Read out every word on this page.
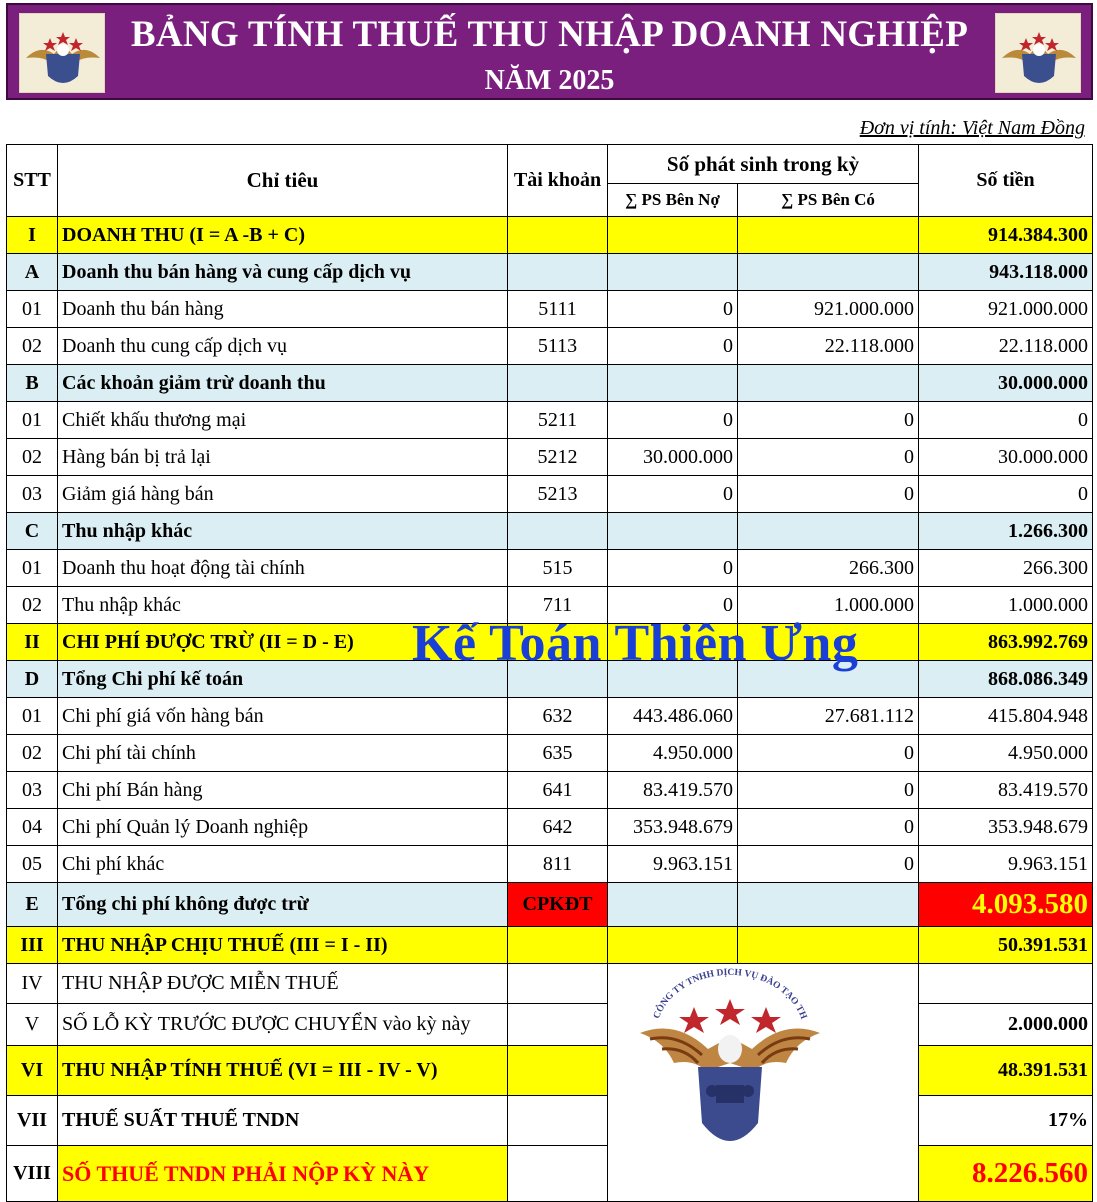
BẢNG TÍNH THUẾ THU NHẬP DOANH NGHIỆP
NĂM 2025
Đơn vị tính: Việt Nam Đồng
STT	Chỉ tiêu	Tài khoản	Số phát sinh trong kỳ		Số tiền
			∑ PS Bên Nợ	∑ PS Bên Có	
I	DOANH THU (I = A -B + C)				914.384.300
A	Doanh thu bán hàng và cung cấp dịch vụ				943.118.000
01	Doanh thu bán hàng	5111	0	921.000.000	921.000.000
02	Doanh thu cung cấp dịch vụ	5113	0	22.118.000	22.118.000
B	Các khoản giảm trừ doanh thu				30.000.000
01	Chiết khấu thương mại	5211	0	0	0
02	Hàng bán bị trả lại	5212	30.000.000	0	30.000.000
03	Giảm giá hàng bán	5213	0	0	0
C	Thu nhập khác				1.266.300
01	Doanh thu hoạt động tài chính	515	0	266.300	266.300
02	Thu nhập khác	711	0	1.000.000	1.000.000
II	CHI PHÍ ĐƯỢC TRỪ (II = D - E)				863.992.769
D	Tổng Chi phí kế toán				868.086.349
01	Chi phí giá vốn hàng bán	632	443.486.060	27.681.112	415.804.948
02	Chi phí tài chính	635	4.950.000	0	4.950.000
03	Chi phí Bán hàng	641	83.419.570	0	83.419.570
04	Chi phí Quản lý Doanh nghiệp	642	353.948.679	0	353.948.679
05	Chi phí khác	811	9.963.151	0	9.963.151
E	Tổng chi phí không được trừ	CPKĐT			4.093.580
III	THU NHẬP CHỊU THUẾ (III = I - II)				50.391.531
IV	THU NHẬP ĐƯỢC MIỄN THUẾ				
V	SỐ LỖ KỲ TRƯỚC ĐƯỢC CHUYỂN vào kỳ này				2.000.000
VI	THU NHẬP TÍNH THUẾ (VI = III - IV - V)				48.391.531
VII	THUẾ SUẤT THUẾ TNDN				17%
VIII	SỐ THUẾ TNDN PHẢI NỘP KỲ NÀY				8.226.560
Kế Toán Thiên Ưng
CÔNG TY TNHH DỊCH VỤ ĐÀO TẠO TH
